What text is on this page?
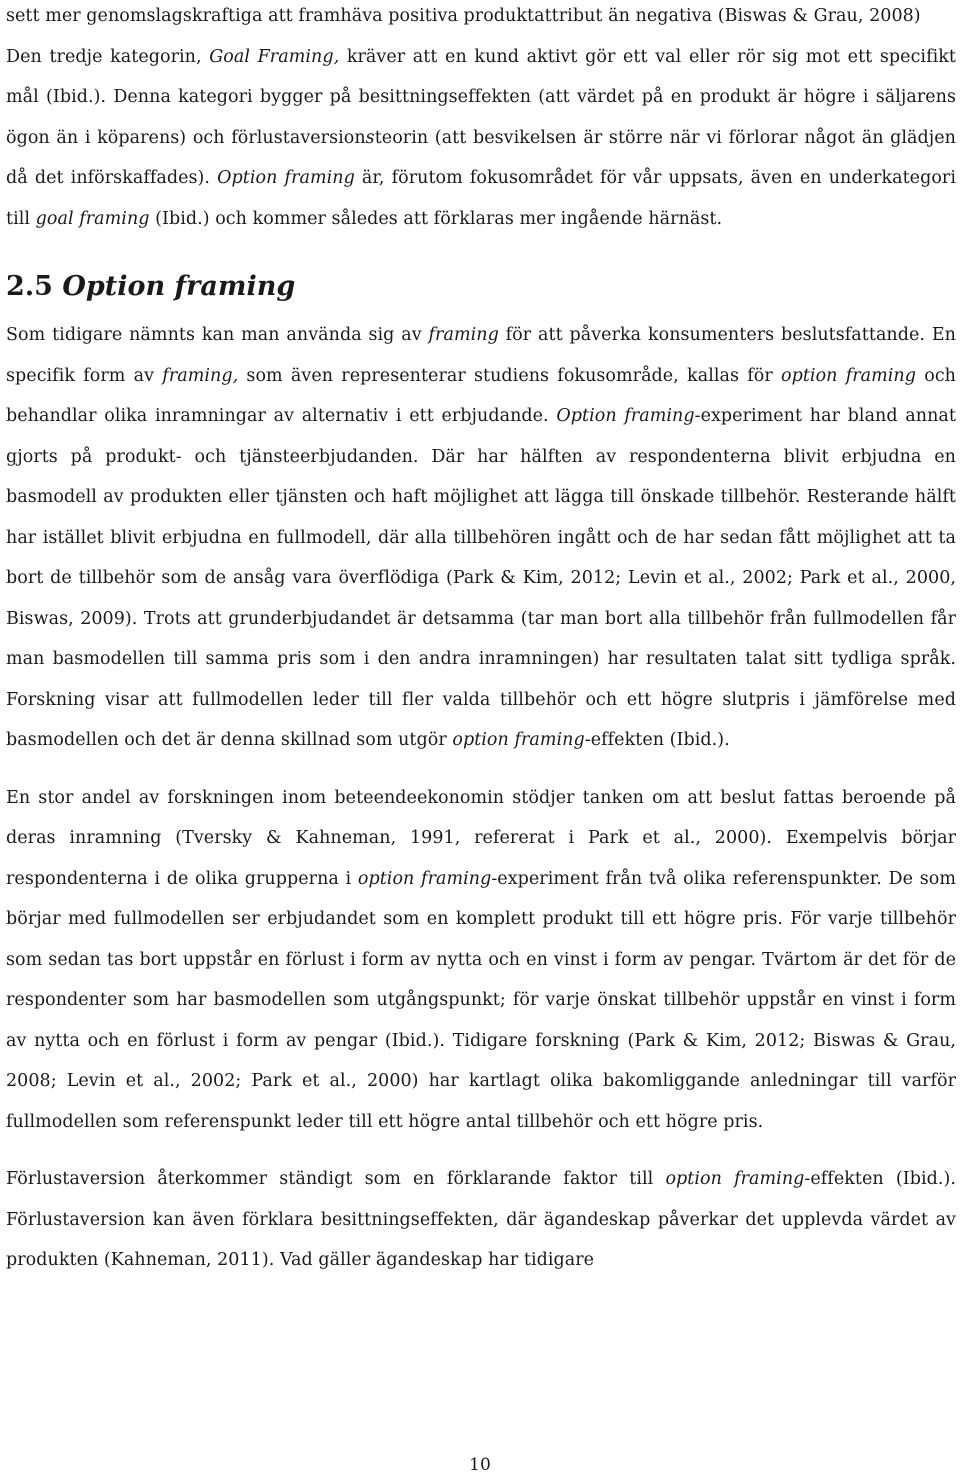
sett mer genomslagskraftiga att framhäva positiva produktattribut än negativa (Biswas & Grau, 2008)
Den tredje kategorin, Goal Framing, kräver att en kund aktivt gör ett val eller rör sig mot ett specifikt mål (Ibid.). Denna kategori bygger på besittningseffekten (att värdet på en produkt är högre i säljarens ögon än i köparens) och förlustaversionsteorin (att besvikelsen är större när vi förlorar något än glädjen då det införskaffades). Option framing är, förutom fokusområdet för vår uppsats, även en underkategori till goal framing (Ibid.) och kommer således att förklaras mer ingående härnäst.

2.5 Option framing

Som tidigare nämnts kan man använda sig av framing för att påverka konsumenters beslutsfattande. En specifik form av framing, som även representerar studiens fokusområde, kallas för option framing och behandlar olika inramningar av alternativ i ett erbjudande. Option framing-experiment har bland annat gjorts på produkt- och tjänsteerbjudanden. Där har hälften av respondenterna blivit erbjudna en basmodell av produkten eller tjänsten och haft möjlighet att lägga till önskade tillbehör. Resterande hälft har istället blivit erbjudna en fullmodell, där alla tillbehören ingått och de har sedan fått möjlighet att ta bort de tillbehör som de ansåg vara överflödiga (Park & Kim, 2012; Levin et al., 2002; Park et al., 2000, Biswas, 2009). Trots att grunderbjudandet är detsamma (tar man bort alla tillbehör från fullmodellen får man basmodellen till samma pris som i den andra inramningen) har resultaten talat sitt tydliga språk. Forskning visar att fullmodellen leder till fler valda tillbehör och ett högre slutpris i jämförelse med basmodellen och det är denna skillnad som utgör option framing-effekten (Ibid.).

En stor andel av forskningen inom beteendeekonomin stödjer tanken om att beslut fattas beroende på deras inramning (Tversky & Kahneman, 1991, refererat i Park et al., 2000). Exempelvis börjar respondenterna i de olika grupperna i option framing-experiment från två olika referenspunkter. De som börjar med fullmodellen ser erbjudandet som en komplett produkt till ett högre pris. För varje tillbehör som sedan tas bort uppstår en förlust i form av nytta och en vinst i form av pengar. Tvärtom är det för de respondenter som har basmodellen som utgångspunkt; för varje önskat tillbehör uppstår en vinst i form av nytta och en förlust i form av pengar (Ibid.). Tidigare forskning (Park & Kim, 2012; Biswas & Grau, 2008; Levin et al., 2002; Park et al., 2000) har kartlagt olika bakomliggande anledningar till varför fullmodellen som referenspunkt leder till ett högre antal tillbehör och ett högre pris.

Förlustaversion återkommer ständigt som en förklarande faktor till option framing-effekten (Ibid.). Förlustaversion kan även förklara besittningseffekten, där ägandeskap påverkar det upplevda värdet av produkten (Kahneman, 2011). Vad gäller ägandeskap har tidigare

10
